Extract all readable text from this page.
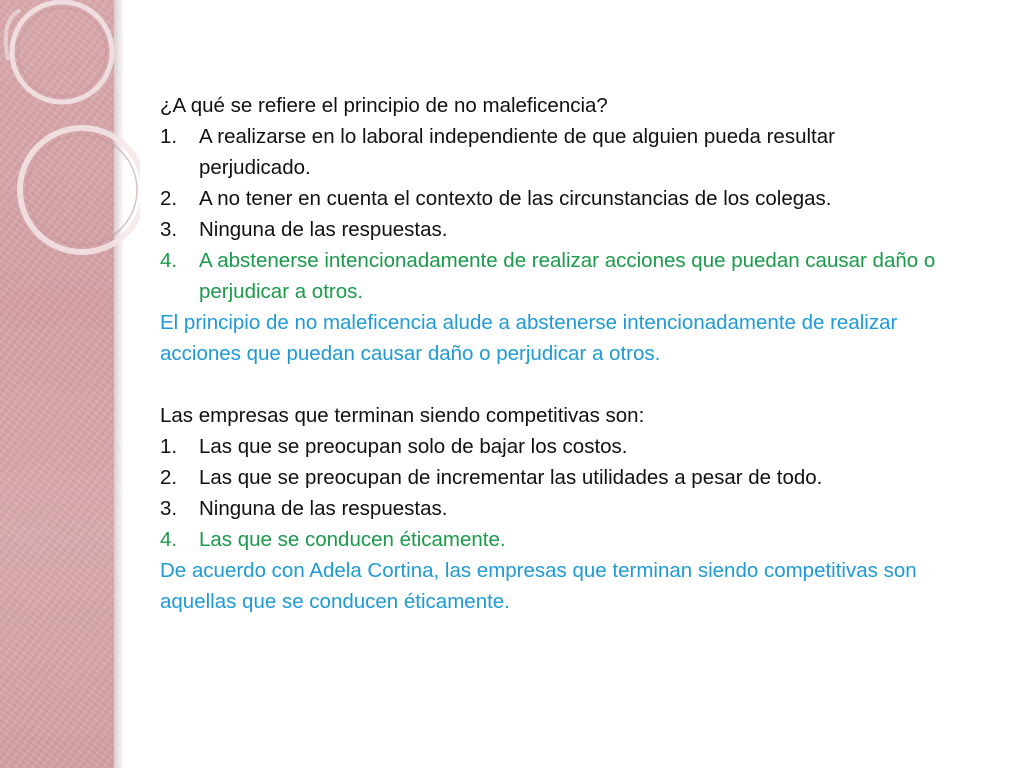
¿A qué se refiere el principio de no maleficencia?

1.	A realizarse en lo laboral independiente de que alguien pueda resultar perjudicado.
2.	A no tener en cuenta el contexto de las circunstancias de los colegas.
3.	Ninguna de las respuestas.
4.	A abstenerse intencionadamente de realizar acciones que puedan causar daño o perjudicar a otros.

El principio de no maleficencia alude a abstenerse intencionadamente de realizar acciones que puedan causar daño o perjudicar a otros.

Las empresas que terminan siendo competitivas son:

1.	Las que se preocupan solo de bajar los costos.
2.	Las que se preocupan de incrementar las utilidades a pesar de todo.
3.	Ninguna de las respuestas.
4.	Las que se conducen éticamente.

De acuerdo con Adela Cortina, las empresas que terminan siendo competitivas son aquellas que se conducen éticamente.
